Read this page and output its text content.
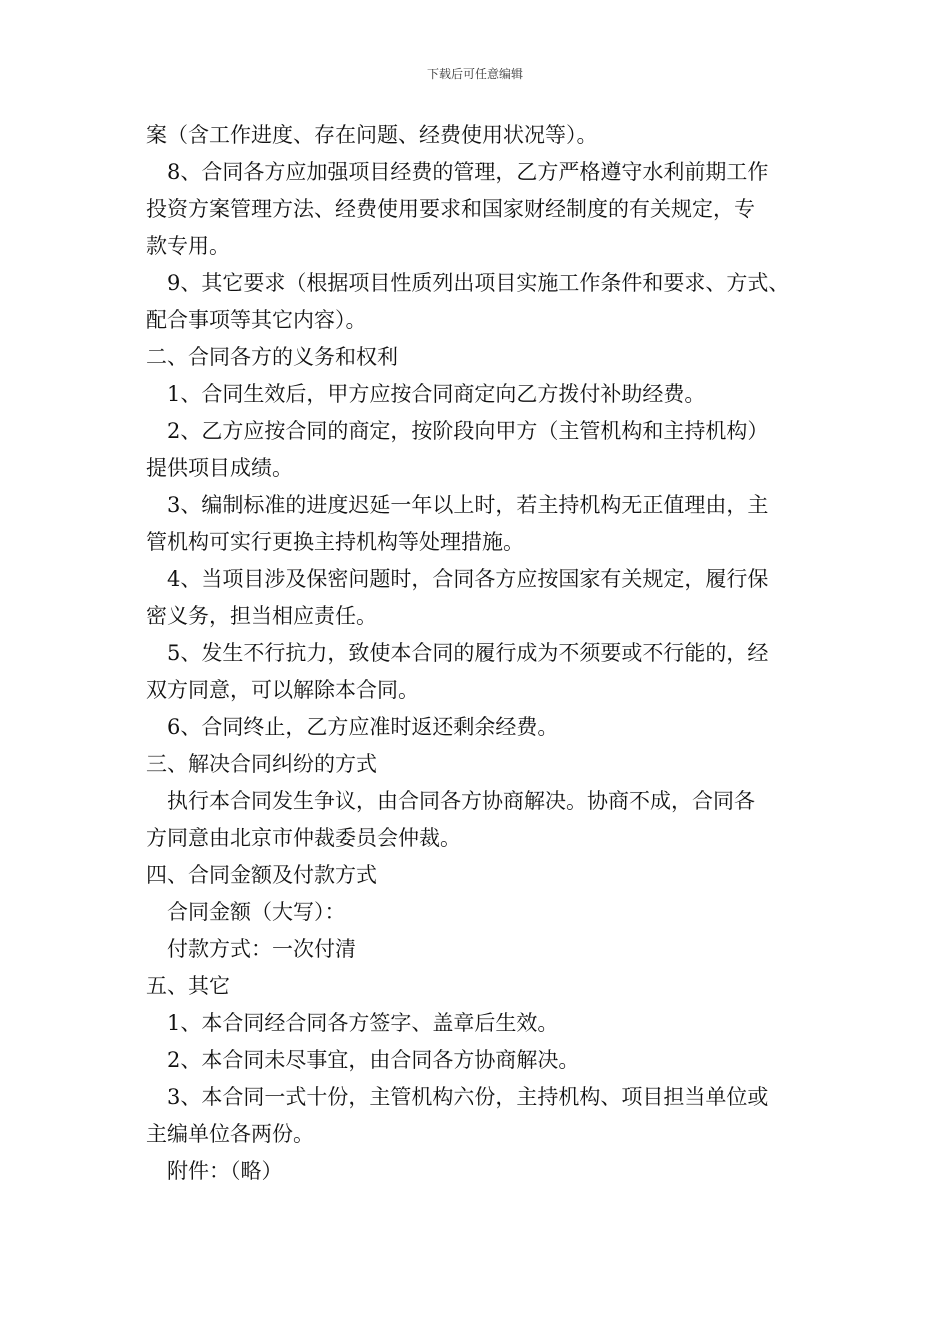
下载后可任意编辑
案（含工作进度、存在问题、经费使用状况等）。
8、合同各方应加强项目经费的管理，乙方严格遵守水利前期工作
投资方案管理方法、经费使用要求和国家财经制度的有关规定，专
款专用。
9、其它要求（根据项目性质列出项目实施工作条件和要求、方式、
配合事项等其它内容）。
二、合同各方的义务和权利
1、合同生效后，甲方应按合同商定向乙方拨付补助经费。
2、乙方应按合同的商定，按阶段向甲方（主管机构和主持机构）
提供项目成绩。
3、编制标准的进度迟延一年以上时，若主持机构无正值理由，主
管机构可实行更换主持机构等处理措施。
4、当项目涉及保密问题时，合同各方应按国家有关规定，履行保
密义务，担当相应责任。
5、发生不行抗力，致使本合同的履行成为不须要或不行能的，经
双方同意，可以解除本合同。
6、合同终止，乙方应准时返还剩余经费。
三、解决合同纠纷的方式
执行本合同发生争议，由合同各方协商解决。协商不成，合同各
方同意由北京市仲裁委员会仲裁。
四、合同金额及付款方式
合同金额（大写）：
付款方式：一次付清
五、其它
1、本合同经合同各方签字、盖章后生效。
2、本合同未尽事宜，由合同各方协商解决。
3、本合同一式十份，主管机构六份，主持机构、项目担当单位或
主编单位各两份。
附件：（略）
